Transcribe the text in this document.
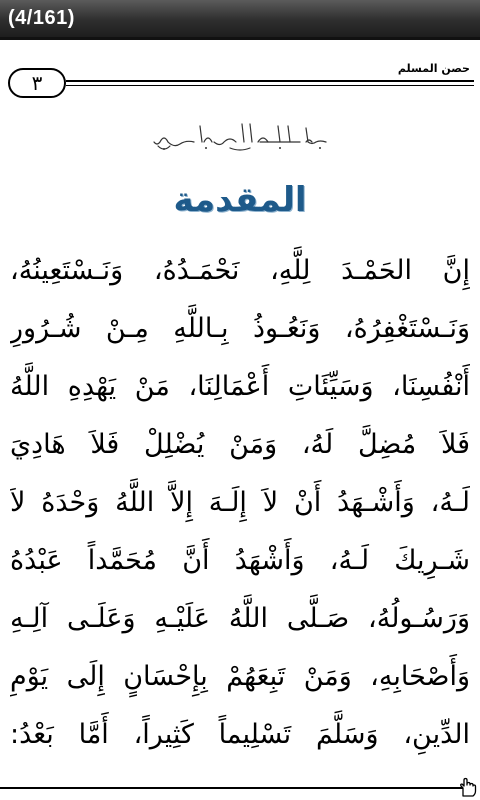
(4/161)
٣
حصن المسلم
بسم الله الرحمن الرحيم
المقدمة
إِنَّ الحَمْـدَ لِلَّهِ، نَحْمَـدُهُ، وَنَـسْتَعِينُهُ،
وَنَـسْتَغْفِرُهُ، وَنَعُـوذُ بِـاللَّهِ مِـنْ شُـرُورِ
أَنْفُسِنَا، وَسَيِّئَاتِ أَعْمَالِنَا، مَنْ يَهْدِهِ اللَّهُ
فَلاَ مُضِلَّ لَهُ، وَمَنْ يُضْلِلْ فَلاَ هَادِيَ
لَـهُ، وَأَشْـهَدُ أَنْ لاَ إِلَـهَ إِلاَّ اللَّهُ وَحْدَهُ لاَ
شَـرِيكَ لَـهُ، وَأَشْهَدُ أَنَّ مُحَمَّداً عَبْدُهُ
وَرَسُـولُهُ، صَـلَّى اللَّهُ عَلَيْـهِ وَعَلَـى آلِـهِ
وَأَصْحَابِهِ، وَمَنْ تَبِعَهُمْ بِإِحْسَانٍ إِلَى يَوْمِ
الدِّينِ، وَسَلَّمَ تَسْلِيماً كَثِيراً، أَمَّا بَعْدُ:
